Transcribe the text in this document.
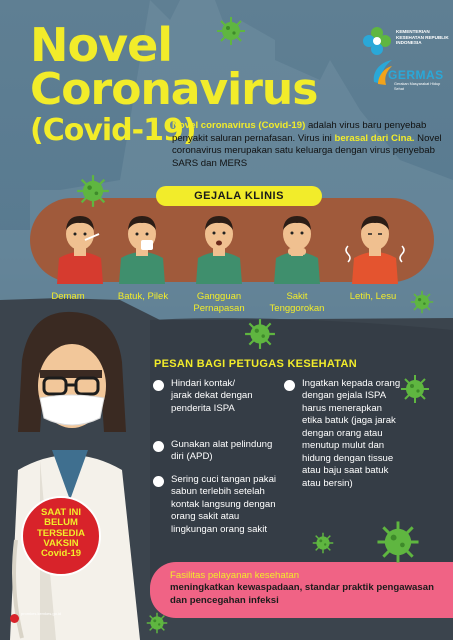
Novel
Coronavirus
(Covid-19)
KEMENTERIAN KESEHATAN REPUBLIK INDONESIA
GERMAS
Gerakan Masyarakat Hidup Sehat

Novel coronavirus (Covid-19) adalah virus baru penyebab penyakit saluran pernafasan. Virus ini berasal dari Cina. Novel coronavirus merupakan satu keluarga dengan virus penyebab SARS dan MERS

GEJALA KLINIS
Demam	Batuk, Pilek	Gangguan Pernapasan
Sakit Tenggorokan
Letih, Lesu
SAAT INI
BELUM
TERSEDIA
VAKSIN
Covid-19
PESAN BAGI PETUGAS KESEHATAN
Hindari kontak/ jarak dekat dengan penderita ISPA
Gunakan alat pelindung diri (APD)
Sering cuci tangan pakai sabun terlebih setelah kontak langsung dengan orang sakit atau lingkungan orang sakit
Ingatkan kepada orang dengan gejala ISPA harus menerapkan etika batuk (jaga jarak dengan orang atau menutup mulut dan hidung dengan tissue atau baju saat batuk atau bersin)

Fasilitas pelayanan kesehatan
meningkatkan kewaspadaan, standar praktik pengawasan dan pencegahan infeksi

promkes.kemkes.go.id
